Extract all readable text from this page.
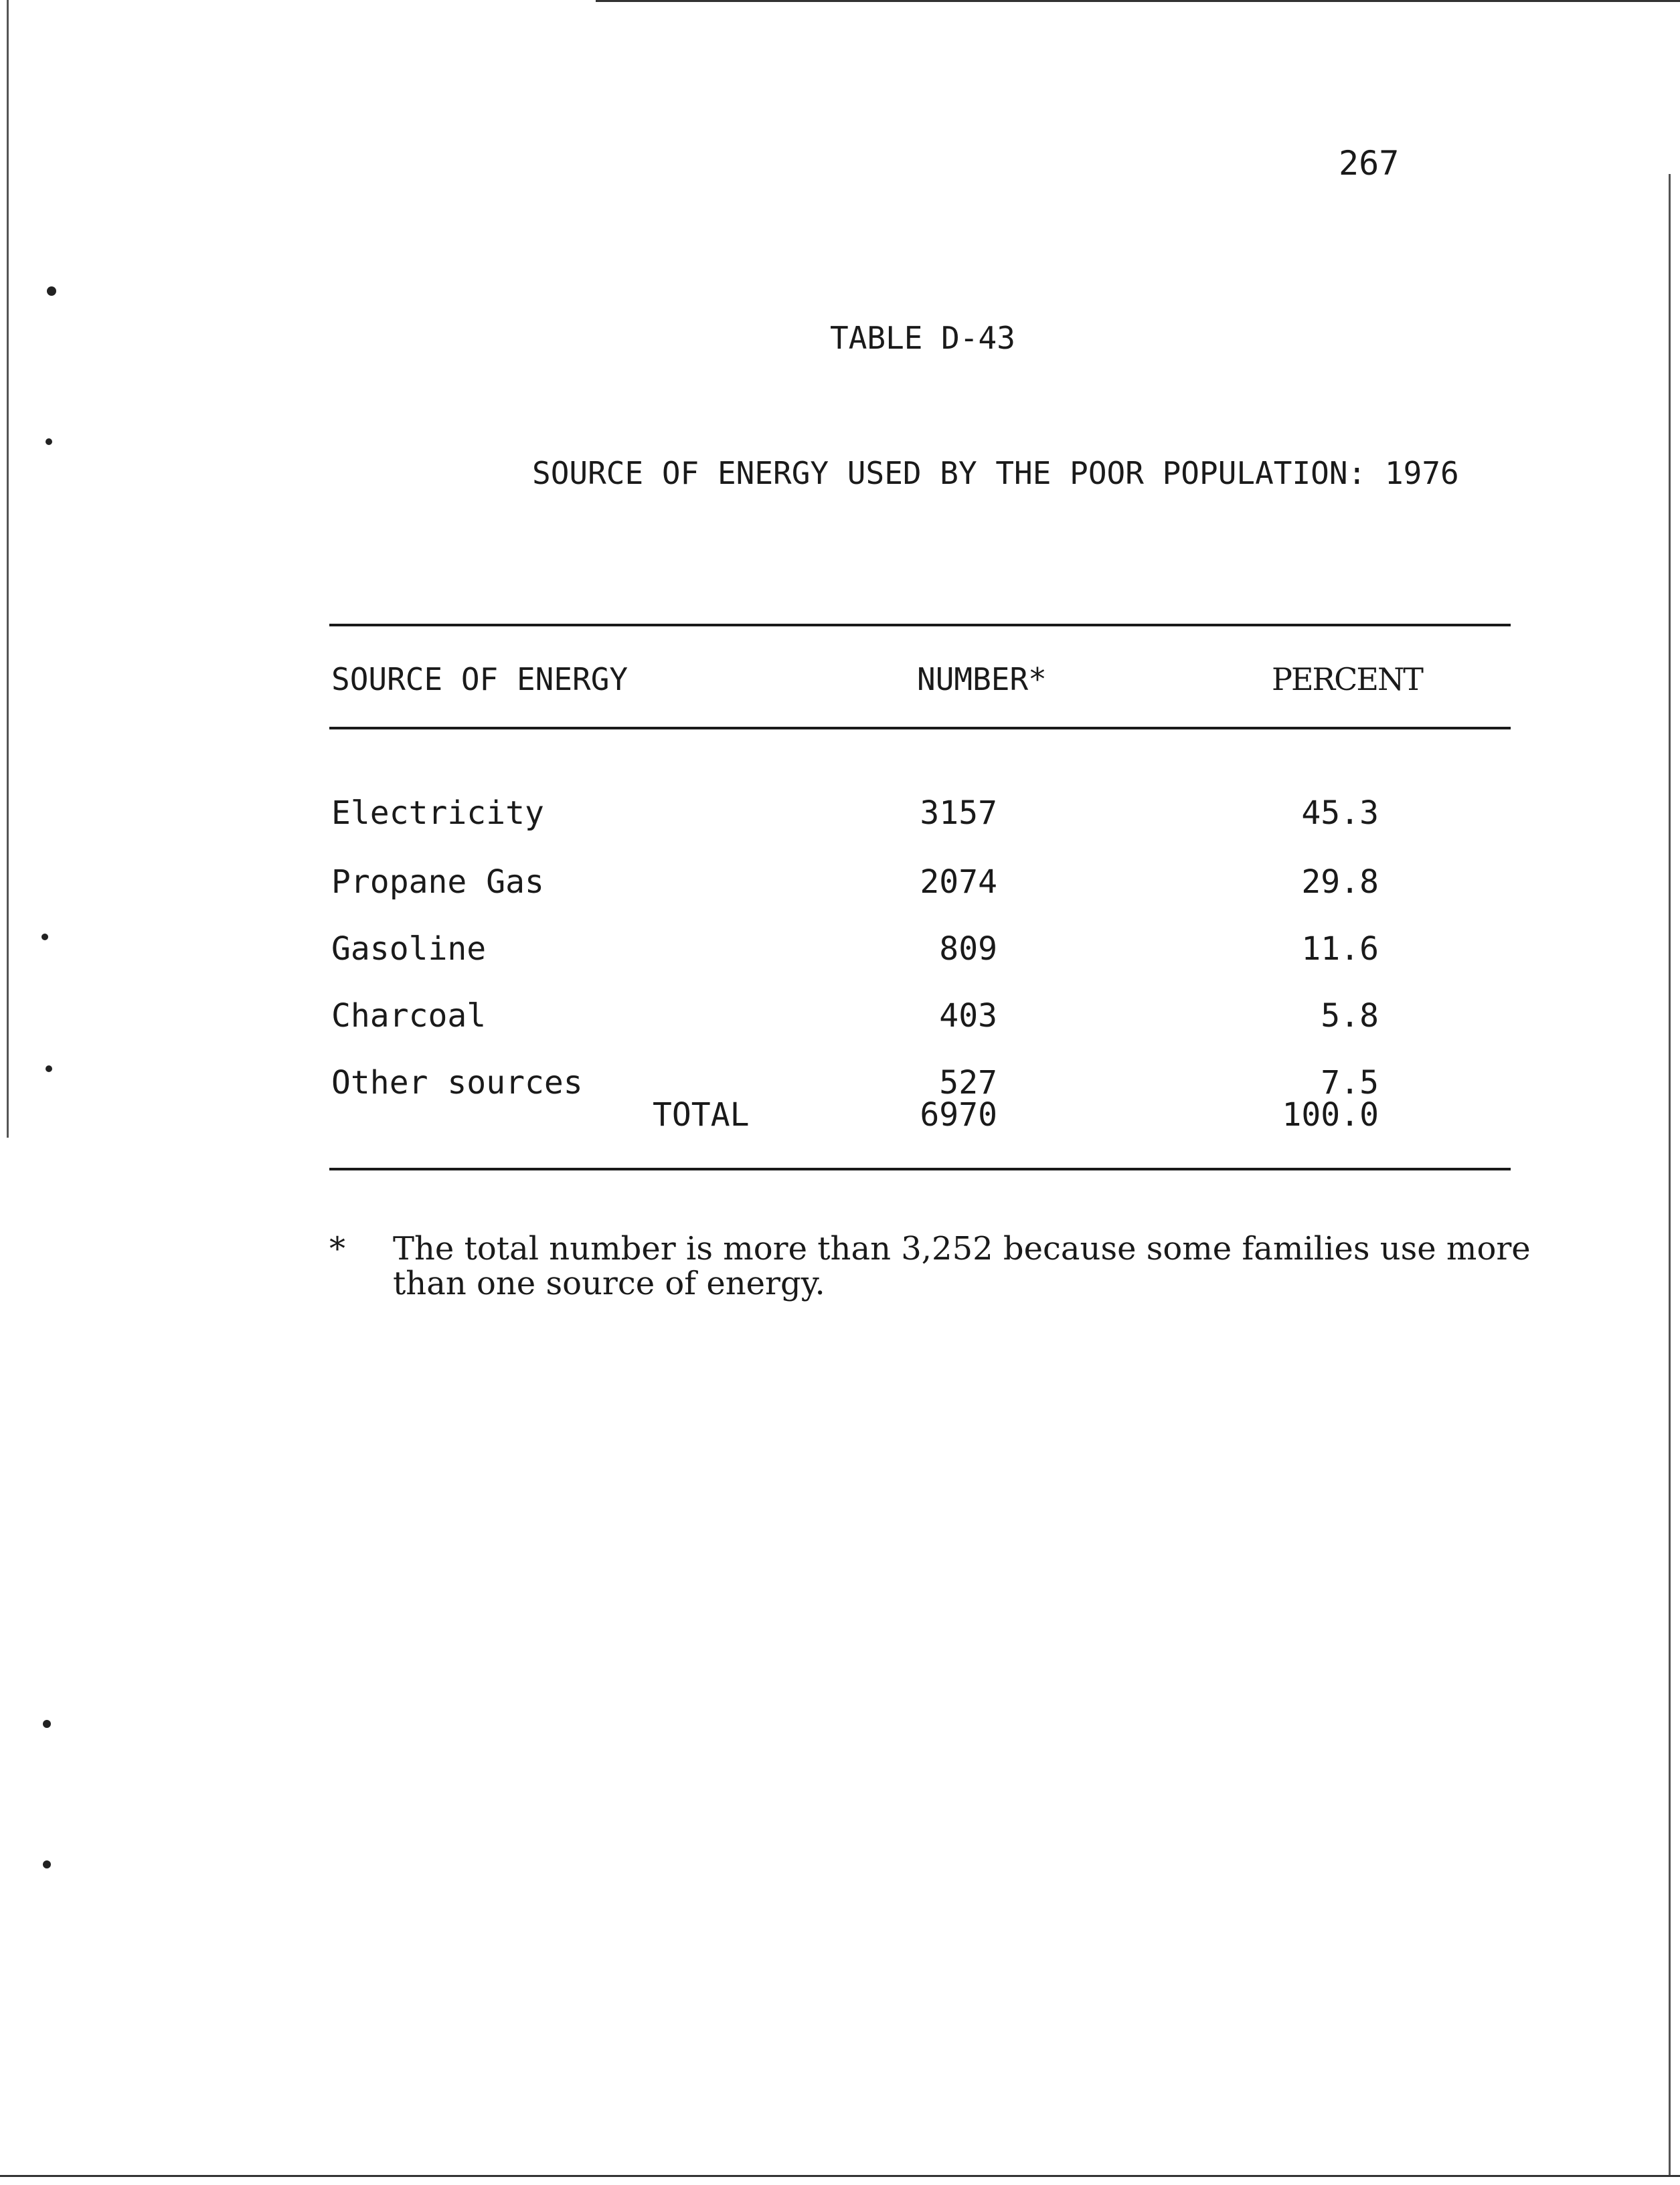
267
TABLE D-43
SOURCE OF ENERGY USED BY THE POOR POPULATION: 1976
SOURCE OF ENERGY	NUMBER*	PERCENT
Electricity	3157	45.3
Propane Gas	2074	29.8
Gasoline	809	11.6
Charcoal	403	5.8
Other sources	527	7.5
TOTAL	6970	100.0
*	The total number is more than 3,252 because some families use more than one source of energy.
